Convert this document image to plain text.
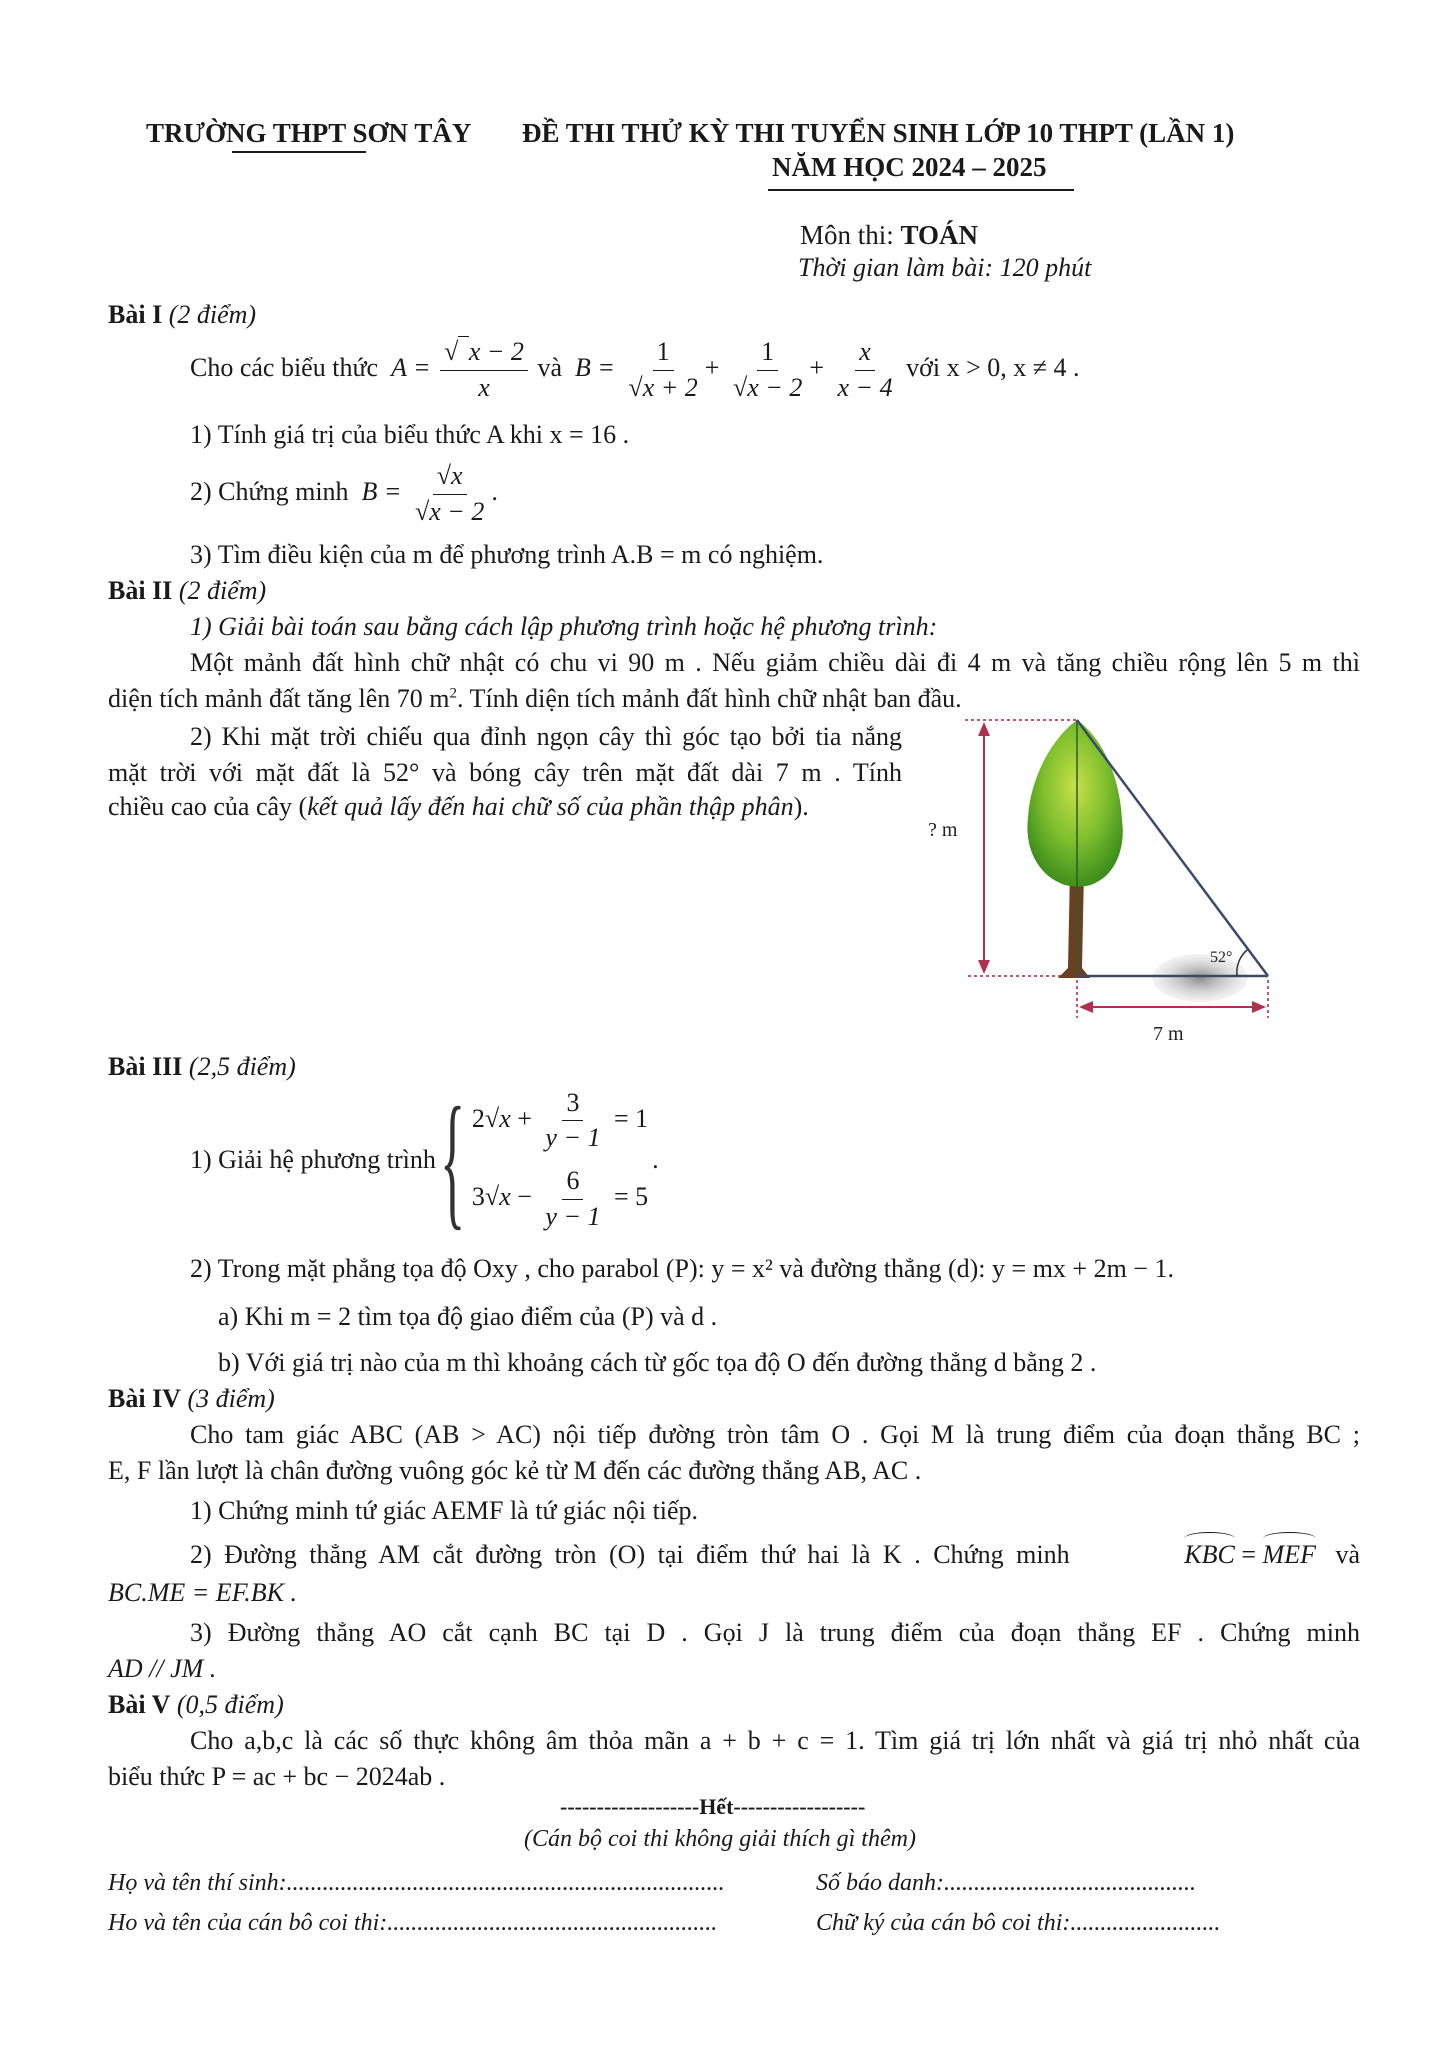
TRƯỜNG THPT SƠN TÂY ĐỀ THI THỬ KỲ THI TUYỂN SINH LỚP 10 THPT (LẦN 1)
NĂM HỌC 2024 – 2025
Môn thi: TOÁN
Thời gian làm bài: 120 phút
Bài I (2 điểm)
Cho các biểu thức  $A = \frac{√ x - 2}{x}$ và  $B = \frac{1}{√x + 2} + \frac{1}{√x - 2} + \frac{x}{x - 4}$ với x > 0, x ≠ 4 .
1) Tính giá trị của biểu thức A khi x = 16 .
2) Chứng minh  $B = \frac{√x}{√x - 2}$ .
3) Tìm điều kiện của m để phương trình A.B = m có nghiệm.
Bài II (2 điểm)
1) Giải bài toán sau bằng cách lập phương trình hoặc hệ phương trình:
Một mảnh đất hình chữ nhật có chu vi 90 m . Nếu giảm chiều dài đi 4 m và tăng chiều rộng lên 5 m thì
diện tích mảnh đất tăng lên 70 $m^2$. Tính diện tích mảnh đất hình chữ nhật ban đầu.
2) Khi mặt trời chiếu qua đỉnh ngọn cây thì góc tạo bởi tia nắng
mặt trời với mặt đất là 52° và bóng cây trên mặt đất dài 7 m . Tính
chiều cao của cây (kết quả lấy đến hai chữ số của phần thập phân).
? m
52°
7 m
Bài III (2,5 điểm)
1) Giải hệ phương trình { $2√x + \frac{3}{y - 1} = 1$
$3√x - \frac{6}{y - 1} = 5$
.
2) Trong mặt phẳng tọa độ Oxy , cho parabol (P): y = x² và đường thẳng (d): y = mx + 2m − 1.
a) Khi m = 2 tìm tọa độ giao điểm của (P) và d .
b) Với giá trị nào của m thì khoảng cách từ gốc tọa độ O đến đường thẳng d bằng 2 .
Bài IV (3 điểm)
Cho tam giác ABC (AB > AC) nội tiếp đường tròn tâm O . Gọi M là trung điểm của đoạn thẳng BC ;
E, F lần lượt là chân đường vuông góc kẻ từ M đến các đường thẳng AB, AC .
1) Chứng minh tứ giác AEMF là tứ giác nội tiếp.
2) Đường thẳng AM cắt đường tròn (O) tại điểm thứ hai là K . Chứng minh	KBC = MEF và
BC.ME = EF.BK .
3) Đường thẳng AO cắt cạnh BC tại D . Gọi J là trung điểm của đoạn thẳng EF . Chứng minh
AD // JM .
Bài V (0,5 điểm)
Cho a,b,c là các số thực không âm thỏa mãn a + b + c = 1. Tìm giá trị lớn nhất và giá trị nhỏ nhất của
biểu thức P = ac + bc − 2024ab .
-------------------Hết------------------
(Cán bộ coi thi không giải thích gì thêm)
Họ và tên thí sinh:.........................................................................	Số báo danh:..........................................
Ho và tên của cán bô coi thi:.......................................................	Chữ ký của cán bô coi thi:.........................
